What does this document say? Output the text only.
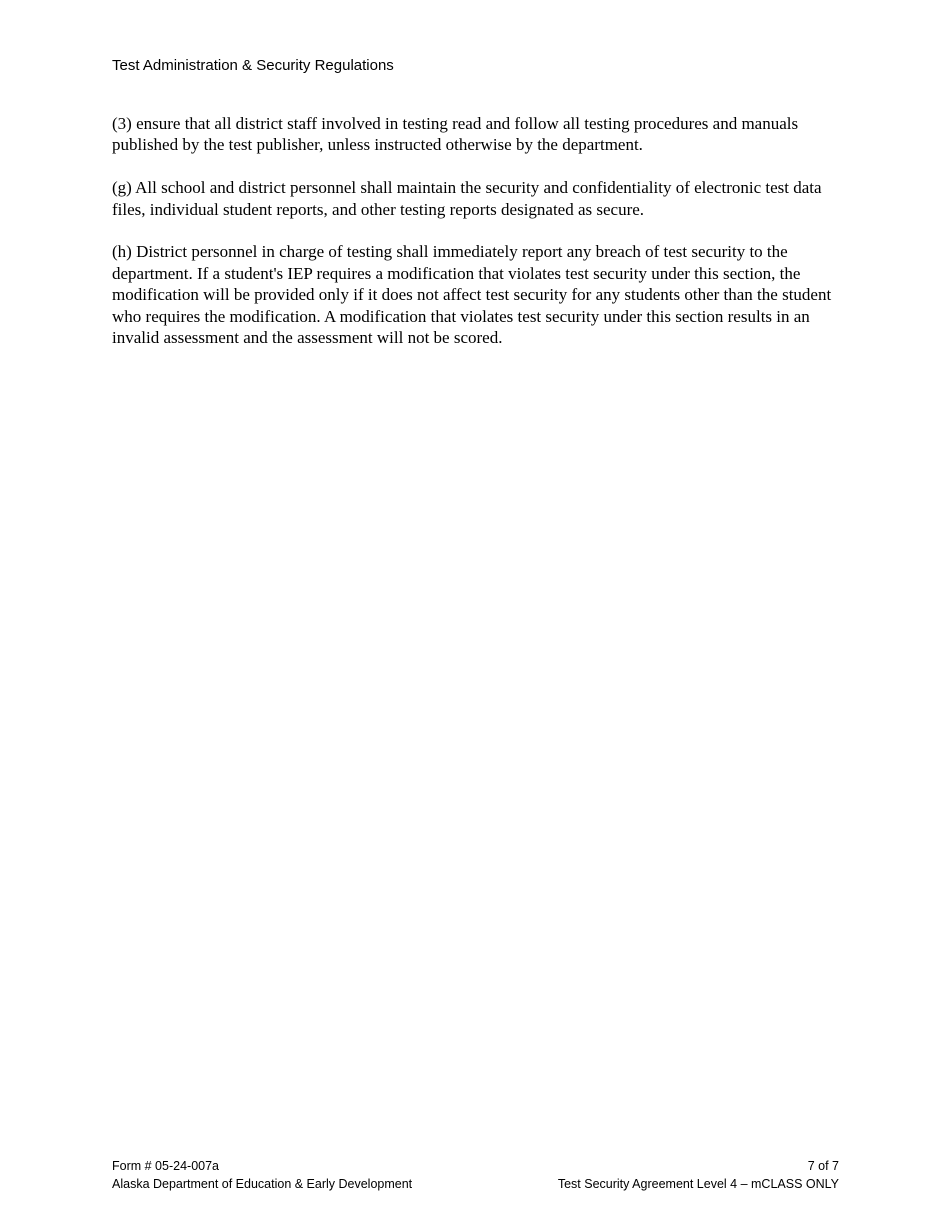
Test Administration & Security Regulations

(3) ensure that all district staff involved in testing read and follow all testing procedures and manuals published by the test publisher, unless instructed otherwise by the department.

(g) All school and district personnel shall maintain the security and confidentiality of electronic test data files, individual student reports, and other testing reports designated as secure.

(h) District personnel in charge of testing shall immediately report any breach of test security to the department. If a student's IEP requires a modification that violates test security under this section, the modification will be provided only if it does not affect test security for any students other than the student who requires the modification. A modification that violates test security under this section results in an invalid assessment and the assessment will not be scored.

Form # 05-24-007a
Alaska Department of Education & Early Development
7 of 7
Test Security Agreement Level 4 – mCLASS ONLY
